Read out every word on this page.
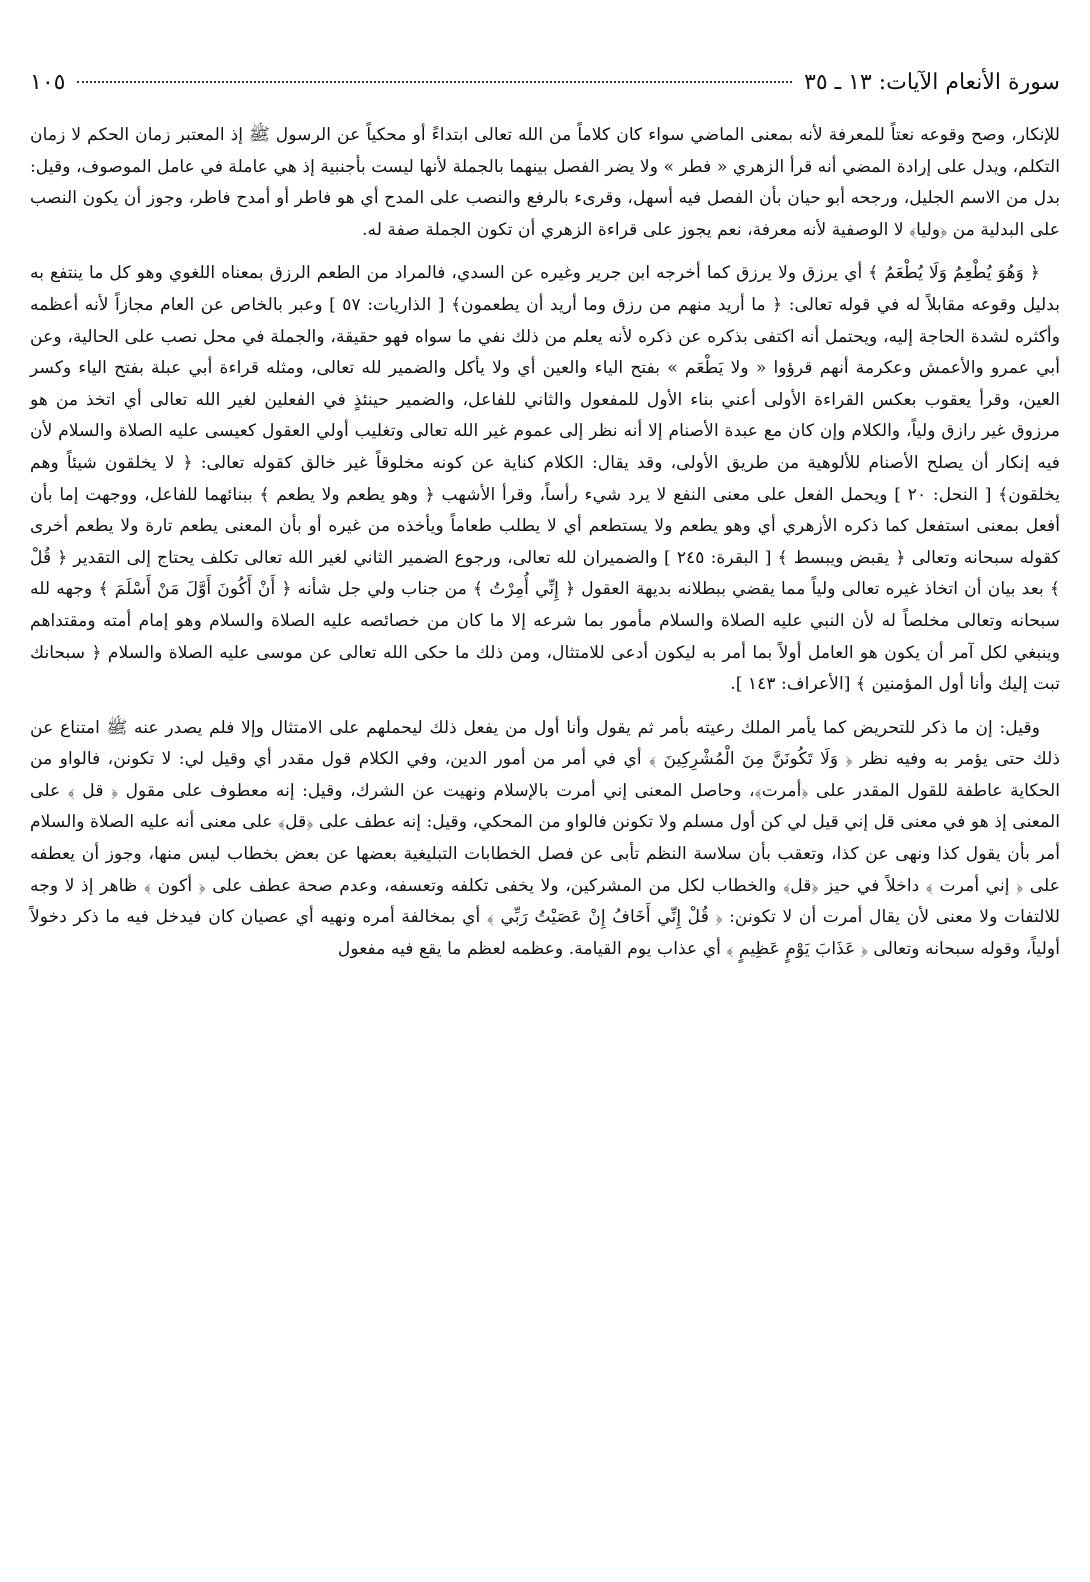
سورة الأنعام الآيات: ١٣ ـ ٣٥
١٠٥

للإنكار، وصح وقوعه نعتاً للمعرفة لأنه بمعنى الماضي سواء كان كلاماً من الله تعالى ابتداءً أو محكياً عن الرسول ﷺ إذ المعتبر زمان الحكم لا زمان التكلم، ويدل على إرادة المضي أنه قرأ الزهري « فطر » ولا يضر الفصل بينهما بالجملة لأنها ليست بأجنبية إذ هي عاملة في عامل الموصوف، وقيل: بدل من الاسم الجليل، ورجحه أبو حيان بأن الفصل فيه أسهل، وقرىء بالرفع والنصب على المدح أي هو فاطر أو أمدح فاطر، وجوز أن يكون النصب على البدلية من ﴿وليا﴾ لا الوصفية لأنه معرفة، نعم يجوز على قراءة الزهري أن تكون الجملة صفة له.

﴿ وَهُوَ يُطْعِمُ وَلَا يُطْعَمُ ﴾ أي يرزق ولا يرزق كما أخرجه ابن جرير وغيره عن السدي، فالمراد من الطعم الرزق بمعناه اللغوي وهو كل ما ينتفع به بدليل وقوعه مقابلاً له في قوله تعالى: ﴿ ما أريد منهم من رزق وما أريد أن يطعمون﴾ [ الذاريات: ٥٧ ] وعبر بالخاص عن العام مجازاً لأنه أعظمه وأكثره لشدة الحاجة إليه، ويحتمل أنه اكتفى بذكره عن ذكره لأنه يعلم من ذلك نفي ما سواه فهو حقيقة، والجملة في محل نصب على الحالية، وعن أبي عمرو والأعمش وعكرمة أنهم قرؤوا « ولا يَطْعَم » بفتح الياء والعين أي ولا يأكل والضمير لله تعالى، ومثله قراءة أبي عبلة بفتح الياء وكسر العين، وقرأ يعقوب بعكس القراءة الأولى أعني بناء الأول للمفعول والثاني للفاعل، والضمير حينئذٍ في الفعلين لغير الله تعالى أي اتخذ من هو مرزوق غير رازق ولياً، والكلام وإن كان مع عبدة الأصنام إلا أنه نظر إلى عموم غير الله تعالى وتغليب أولي العقول كعيسى عليه الصلاة والسلام لأن فيه إنكار أن يصلح الأصنام للألوهية من طريق الأولى، وقد يقال: الكلام كناية عن كونه مخلوقاً غير خالق كقوله تعالى: ﴿ لا يخلقون شيئاً وهم يخلقون﴾ [ النحل: ٢٠ ] ويحمل الفعل على معنى النفع لا يرد شيء رأساً، وقرأ الأشهب ﴿ وهو يطعم ولا يطعم ﴾ ببنائهما للفاعل، ووجهت إما بأن أفعل بمعنى استفعل كما ذكره الأزهري أي وهو يطعم ولا يستطعم أي لا يطلب طعاماً ويأخذه من غيره أو بأن المعنى يطعم تارة ولا يطعم أخرى كقوله سبحانه وتعالى ﴿ يقبض ويبسط ﴾ [ البقرة: ٢٤٥ ] والضميران لله تعالى، ورجوع الضمير الثاني لغير الله تعالى تكلف يحتاج إلى التقدير ﴿ قُلْ ﴾ بعد بيان أن اتخاذ غيره تعالى ولياً مما يقضي ببطلانه بديهة العقول ﴿ إِنِّي أُمِرْتُ ﴾ من جناب ولي جل شأنه ﴿ أَنْ أَكُونَ أَوَّلَ مَنْ أَسْلَمَ ﴾ وجهه لله سبحانه وتعالى مخلصاً له لأن النبي عليه الصلاة والسلام مأمور بما شرعه إلا ما كان من خصائصه عليه الصلاة والسلام وهو إمام أمته ومقتداهم وينبغي لكل آمر أن يكون هو العامل أولاً بما أمر به ليكون أدعى للامتثال، ومن ذلك ما حكى الله تعالى عن موسى عليه الصلاة والسلام ﴿ سبحانك تبت إليك وأنا أول المؤمنين ﴾ [الأعراف: ١٤٣ ].

وقيل: إن ما ذكر للتحريض كما يأمر الملك رعيته بأمر ثم يقول وأنا أول من يفعل ذلك ليحملهم على الامتثال وإلا فلم يصدر عنه ﷺ امتناع عن ذلك حتى يؤمر به وفيه نظر ﴿ وَلَا تَكُونَنَّ مِنَ الْمُشْرِكِينَ ﴾ أي في أمر من أمور الدين، وفي الكلام قول مقدر أي وقيل لي: لا تكونن، فالواو من الحكاية عاطفة للقول المقدر على ﴿أمرت﴾، وحاصل المعنى إني أمرت بالإسلام ونهيت عن الشرك، وقيل: إنه معطوف على مقول ﴿ قل ﴾ على المعنى إذ هو في معنى قل إني قيل لي كن أول مسلم ولا تكونن فالواو من المحكي، وقيل: إنه عطف على ﴿قل﴾ على معنى أنه عليه الصلاة والسلام أمر بأن يقول كذا ونهى عن كذا، وتعقب بأن سلاسة النظم تأبى عن فصل الخطابات التبليغية بعضها عن بعض بخطاب ليس منها، وجوز أن يعطفه على ﴿ إني أمرت ﴾ داخلاً في حيز ﴿قل﴾ والخطاب لكل من المشركين، ولا يخفى تكلفه وتعسفه، وعدم صحة عطف على ﴿ أكون ﴾ ظاهر إذ لا وجه للالتفات ولا معنى لأن يقال أمرت أن لا تكونن: ﴿ قُلْ إِنِّي أَخَافُ إِنْ عَصَيْتُ رَبِّي ﴾ أي بمخالفة أمره ونهيه أي عصيان كان فيدخل فيه ما ذكر دخولاً أولياً، وقوله سبحانه وتعالى ﴿ عَذَابَ يَوْمٍ عَظِيمٍ ﴾ أي عذاب يوم القيامة. وعظمه لعظم ما يقع فيه مفعول
